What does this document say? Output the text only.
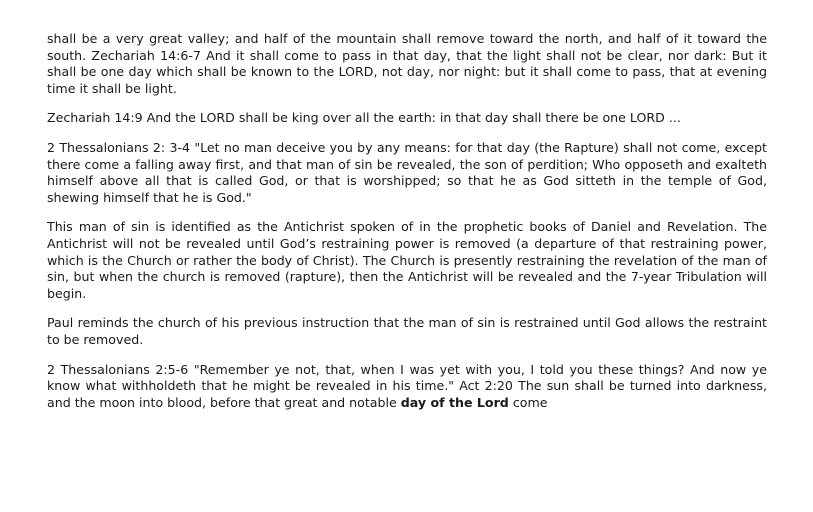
shall be a very great valley; and half of the mountain shall remove toward the north, and half of it toward the south. Zechariah 14:6-7 And it shall come to pass in that day, that the light shall not be clear, nor dark: But it shall be one day which shall be known to the LORD, not day, nor night: but it shall come to pass, that at evening time it shall be light.

Zechariah 14:9 And the LORD shall be king over all the earth: in that day shall there be one LORD ...

2 Thessalonians 2: 3-4 "Let no man deceive you by any means: for that day (the Rapture) shall not come, except there come a falling away first, and that man of sin be revealed, the son of perdition; Who opposeth and exalteth himself above all that is called God, or that is worshipped; so that he as God sitteth in the temple of God, shewing himself that he is God."

This man of sin is identified as the Antichrist spoken of in the prophetic books of Daniel and Revelation. The Antichrist will not be revealed until God’s restraining power is removed (a departure of that restraining power, which is the Church or rather the body of Christ). The Church is presently restraining the revelation of the man of sin, but when the church is removed (rapture), then the Antichrist will be revealed and the 7-year Tribulation will begin.

Paul reminds the church of his previous instruction that the man of sin is restrained until God allows the restraint to be removed.

2 Thessalonians 2:5-6 "Remember ye not, that, when I was yet with you, I told you these things? And now ye know what withholdeth that he might be revealed in his time." Act 2:20 The sun shall be turned into darkness, and the moon into blood, before that great and notable day of the Lord come
